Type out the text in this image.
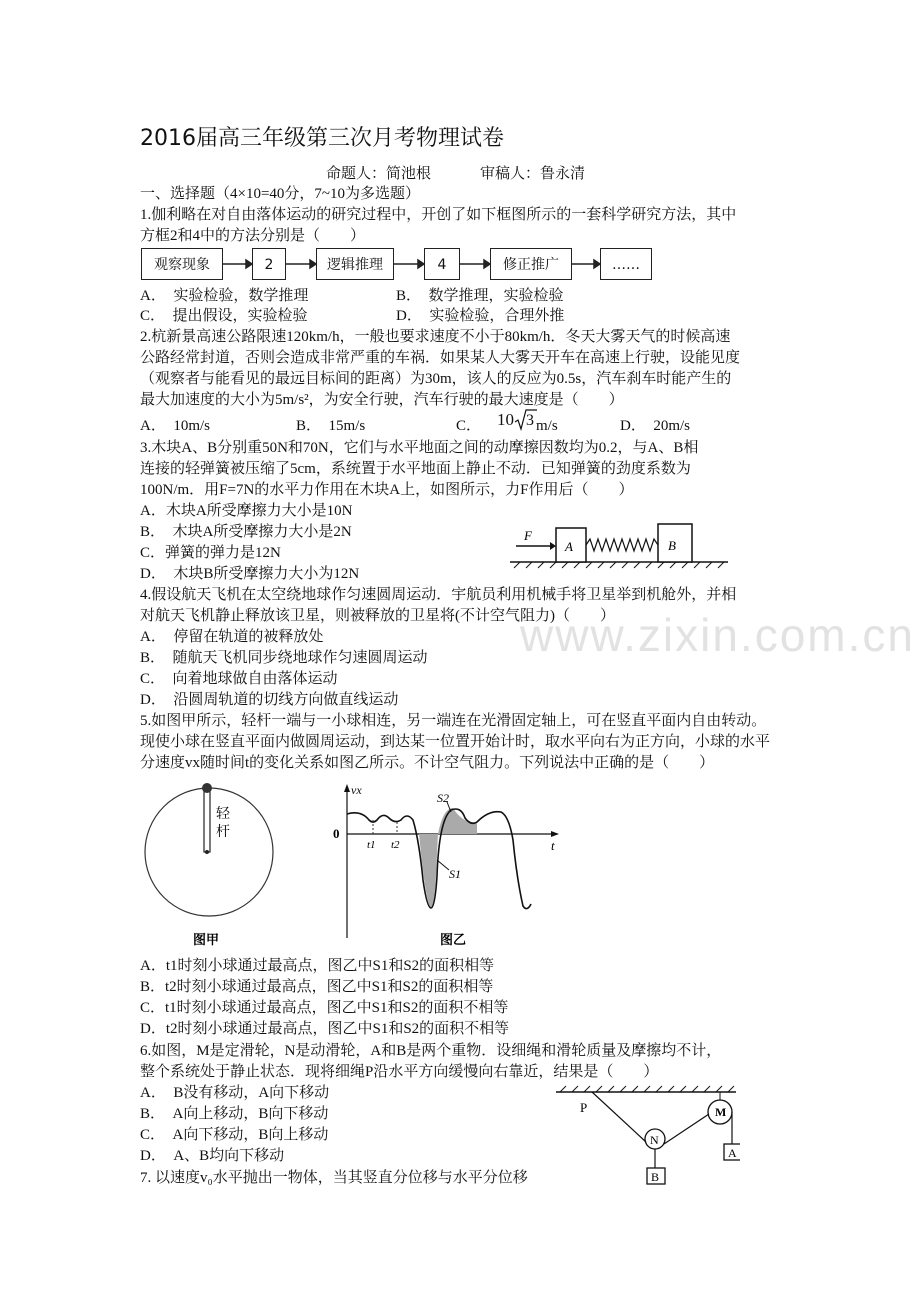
www.zixin.com.cn
2016届高三年级第三次月考物理试卷
命题人：简池根	审稿人：鲁永清
一、选择题（4×10=40分，7~10为多选题）
1.伽利略在对自由落体运动的研究过程中，开创了如下框图所示的一套科学研究方法，其中
方框2和4中的方法分别是（　　）
观察现象	2	逻辑推理	4	修正推广	……
A．　实验检验，数学推理	B．　数学推理，实验检验
C．　提出假设，实验检验	D．　实验检验，合理外推
2.杭新景高速公路限速120km/h，一般也要求速度不小于80km/h．冬天大雾天气的时候高速
公路经常封道，否则会造成非常严重的车祸．如果某人大雾天开车在高速上行驶，设能见度
（观察者与能看见的最远目标间的距离）为30m，该人的反应为0.5s，汽车刹车时能产生的
最大加速度的大小为5m/s²，为安全行驶，汽车行驶的最大速度是（　　）
A．　10m/s	B．　15m/s	C． 10 3 m/s	D．　20m/s
3.木块A、B分别重50N和70N，它们与水平地面之间的动摩擦因数均为0.2，与A、B相
连接的轻弹簧被压缩了5cm，系统置于水平地面上静止不动．已知弹簧的劲度系数为
100N/m．用F=7N的水平力作用在木块A上，如图所示，力F作用后（　　）
A．木块A所受摩擦力大小是10N
B．　木块A所受摩擦力大小是2N
C．弹簧的弹力是12N
D．　木块B所受摩擦力大小为12N
F
A	B
4.假设航天飞机在太空绕地球作匀速圆周运动．宇航员利用机械手将卫星举到机舱外，并相
对航天飞机静止释放该卫星，则被释放的卫星将(不计空气阻力)（　　）
A．　停留在轨道的被释放处
B．　随航天飞机同步绕地球作匀速圆周运动
C．　向着地球做自由落体运动
D．　沿圆周轨道的切线方向做直线运动
5.如图甲所示，轻杆一端与一小球相连，另一端连在光滑固定轴上，可在竖直平面内自由转动。
现使小球在竖直平面内做圆周运动，到达某一位置开始计时，取水平向右为正方向，小球的水平
分速度vx随时间t的变化关系如图乙所示。不计空气阻力。下列说法中正确的是（　　）
轻
杆
图甲
vx
0
t
t1 t2
S1
S2
图乙
A．t1时刻小球通过最高点，图乙中S1和S2的面积相等
B．t2时刻小球通过最高点，图乙中S1和S2的面积相等
C．t1时刻小球通过最高点，图乙中S1和S2的面积不相等
D．t2时刻小球通过最高点，图乙中S1和S2的面积不相等
6.如图，M是定滑轮，N是动滑轮，A和B是两个重物．设细绳和滑轮质量及摩擦均不计，
整个系统处于静止状态．现将细绳P沿水平方向缓慢向右靠近，结果是（　　）
A．　B没有移动，A向下移动
B．　A向上移动，B向下移动
C．　A向下移动，B向上移动
D．　A、B均向下移动
P	M
N
A
B
7. 以速度v₀水平抛出一物体，当其竖直分位移与水平分位移
